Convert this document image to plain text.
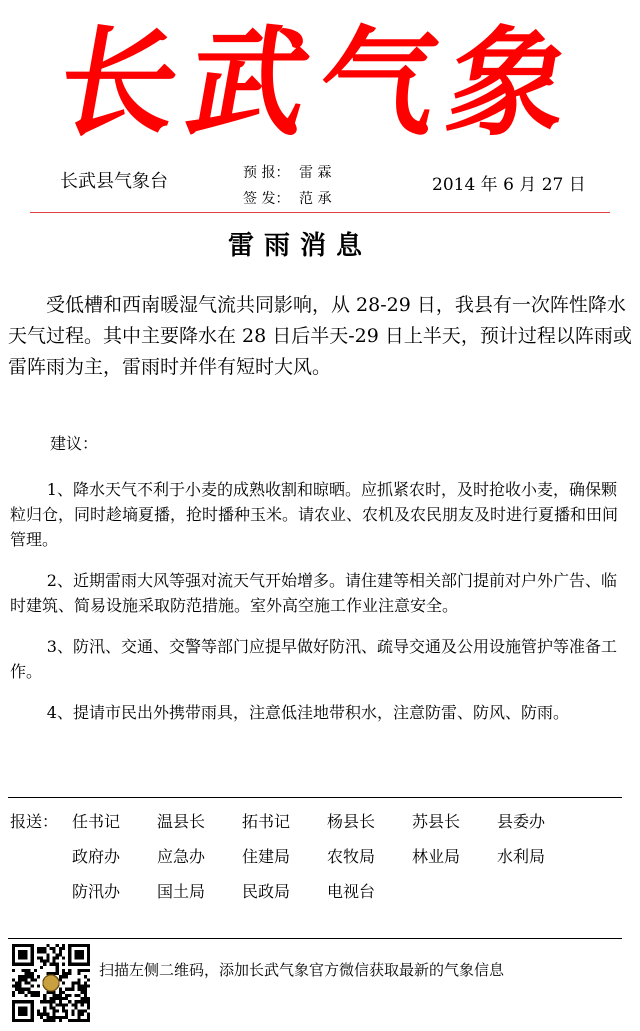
长武气象
长武县气象台	预 报： 雷 霖
签 发： 范 承
2014 年 6 月 27 日
雷雨消息

受低槽和西南暖湿气流共同影响，从 28-29 日，我县有一次阵性降水天气过程。其中主要降水在 28 日后半天-29 日上半天，预计过程以阵雨或雷阵雨为主，雷雨时并伴有短时大风。

建议：
1、降水天气不利于小麦的成熟收割和晾晒。应抓紧农时，及时抢收小麦，确保颗粒归仓，同时趁墒夏播，抢时播种玉米。请农业、农机及农民朋友及时进行夏播和田间管理。
2、近期雷雨大风等强对流天气开始增多。请住建等相关部门提前对户外广告、临时建筑、简易设施采取防范措施。室外高空施工作业注意安全。
3、防汛、交通、交警等部门应提早做好防汛、疏导交通及公用设施管护等准备工作。
4、提请市民出外携带雨具，注意低洼地带积水，注意防雷、防风、防雨。
报送： 任书记	温县长	拓书记	杨县长	苏县长	县委办
政府办	应急办	住建局	农牧局	林业局	水利局
防汛办	国土局	民政局	电视台
扫描左侧二维码，添加长武气象官方微信获取最新的气象信息
